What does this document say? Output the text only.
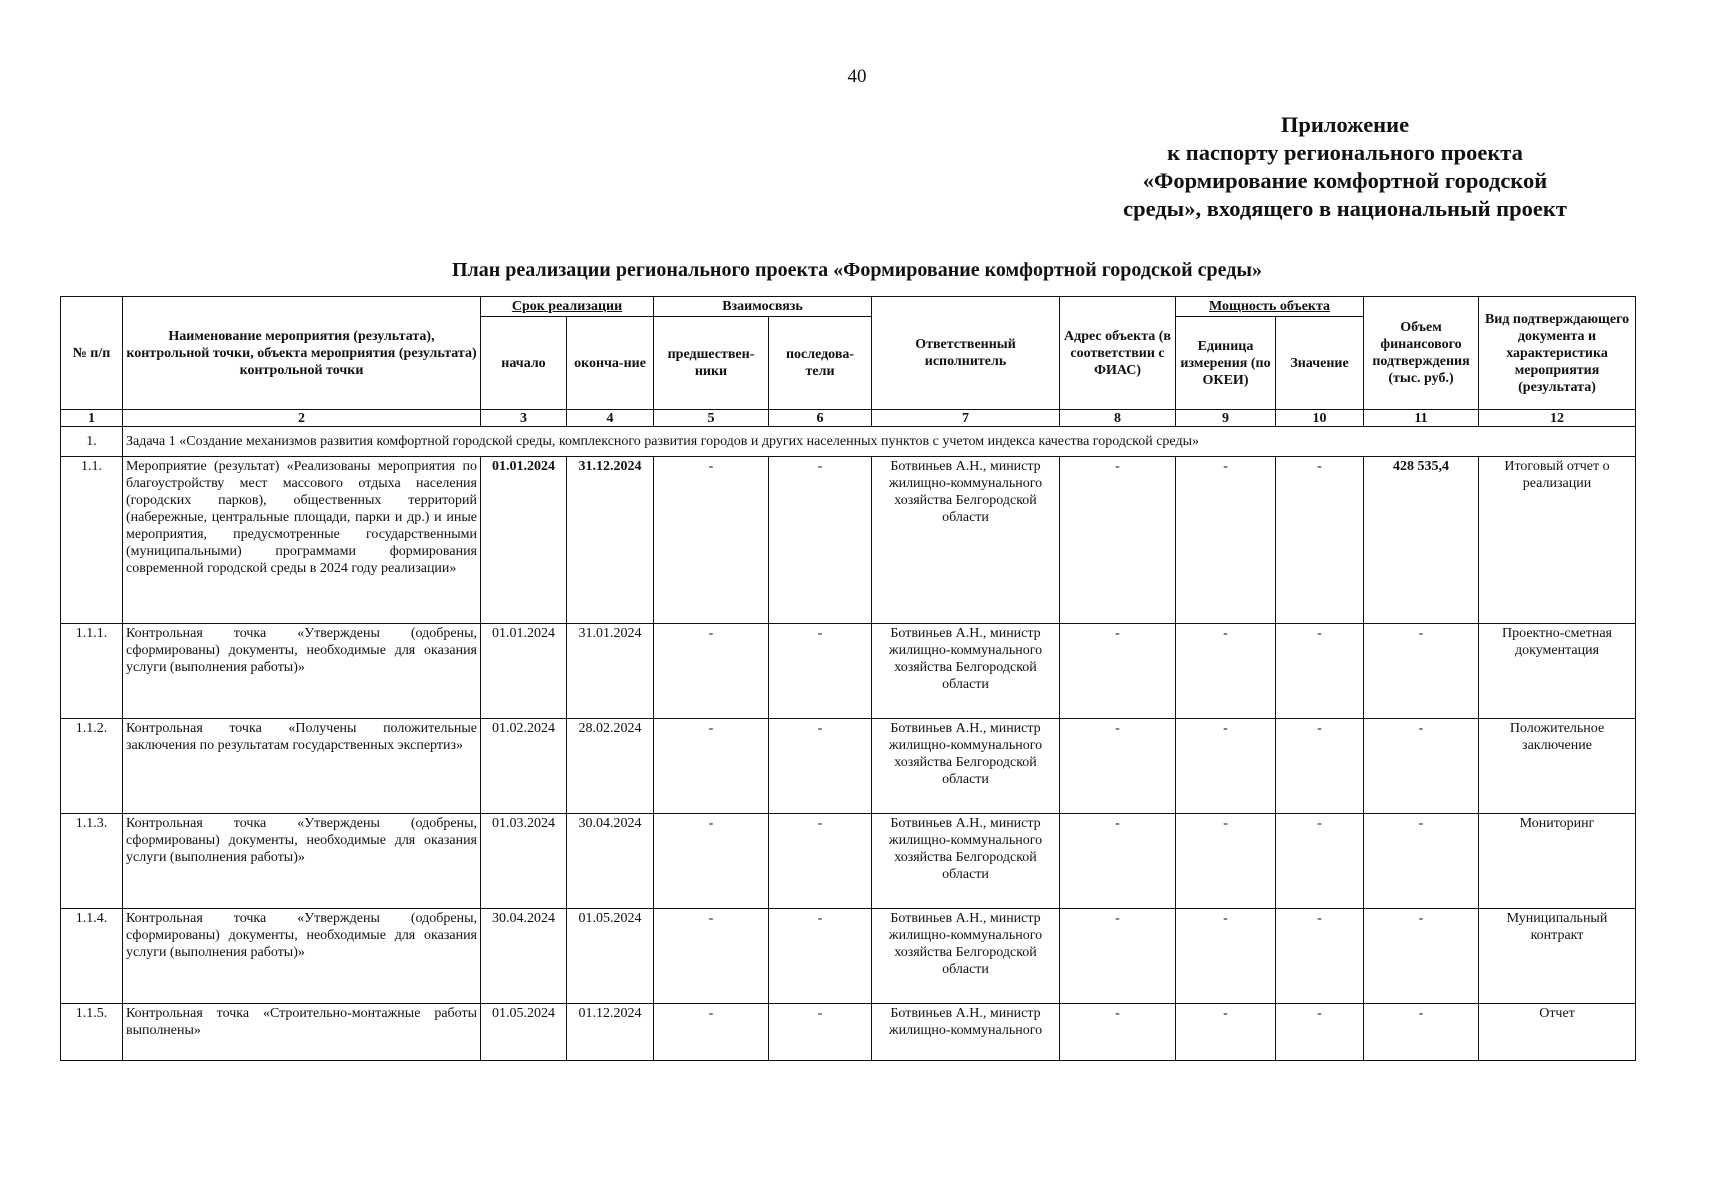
40
Приложение
к паспорту регионального проекта
«Формирование комфортной городской
среды», входящего в национальный проект
План реализации регионального проекта «Формирование комфортной городской среды»
№ п/п	Наименование мероприятия (результата), контрольной точки, объекта мероприятия (результата) контрольной точки	Срок реализации		Взаимосвязь		Ответственный исполнитель	Адрес объекта (в соответствии с ФИАС)	Мощность объекта		Объем финансового подтверждения (тыс. руб.)	Вид подтверждающего документа и характеристика мероприятия (результата)
		начало	оконча-ние	предшествен-ники	последова-тели			Единица измерения (по ОКЕИ)	Значение		
1	2	3	4	5	6	7	8	9	10	11	12
1.	Задача 1 «Создание механизмов развития комфортной городской среды, комплексного развития городов и других населенных пунктов с учетом индекса качества городской среды»										
1.1.	Мероприятие (результат) «Реализованы мероприятия по благоустройству мест массового отдыха населения (городских парков), общественных территорий (набережные, центральные площади, парки и др.) и иные мероприятия, предусмотренные государственными (муниципальными) программами формирования современной городской среды в 2024 году реализации»	01.01.2024	31.12.2024	-	-	Ботвиньев А.Н., министр жилищно-коммунального хозяйства Белгородской области	-	-	-	428 535,4	Итоговый отчет о реализации
1.1.1.	Контрольная точка «Утверждены (одобрены, сформированы) документы, необходимые для оказания услуги (выполнения работы)»	01.01.2024	31.01.2024	-	-	Ботвиньев А.Н., министр жилищно-коммунального хозяйства Белгородской области	-	-	-	-	Проектно-сметная документация
1.1.2.	Контрольная точка «Получены положительные заключения по результатам государственных экспертиз»	01.02.2024	28.02.2024	-	-	Ботвиньев А.Н., министр жилищно-коммунального хозяйства Белгородской области	-	-	-	-	Положительное заключение
1.1.3.	Контрольная точка «Утверждены (одобрены, сформированы) документы, необходимые для оказания услуги (выполнения работы)»	01.03.2024	30.04.2024	-	-	Ботвиньев А.Н., министр жилищно-коммунального хозяйства Белгородской области	-	-	-	-	Мониторинг
1.1.4.	Контрольная точка «Утверждены (одобрены, сформированы) документы, необходимые для оказания услуги (выполнения работы)»	30.04.2024	01.05.2024	-	-	Ботвиньев А.Н., министр жилищно-коммунального хозяйства Белгородской области	-	-	-	-	Муниципальный контракт
1.1.5.	Контрольная точка «Строительно-монтажные работы выполнены»	01.05.2024	01.12.2024	-	-	Ботвиньев А.Н., министр жилищно-коммунального	-	-	-	-	Отчет
